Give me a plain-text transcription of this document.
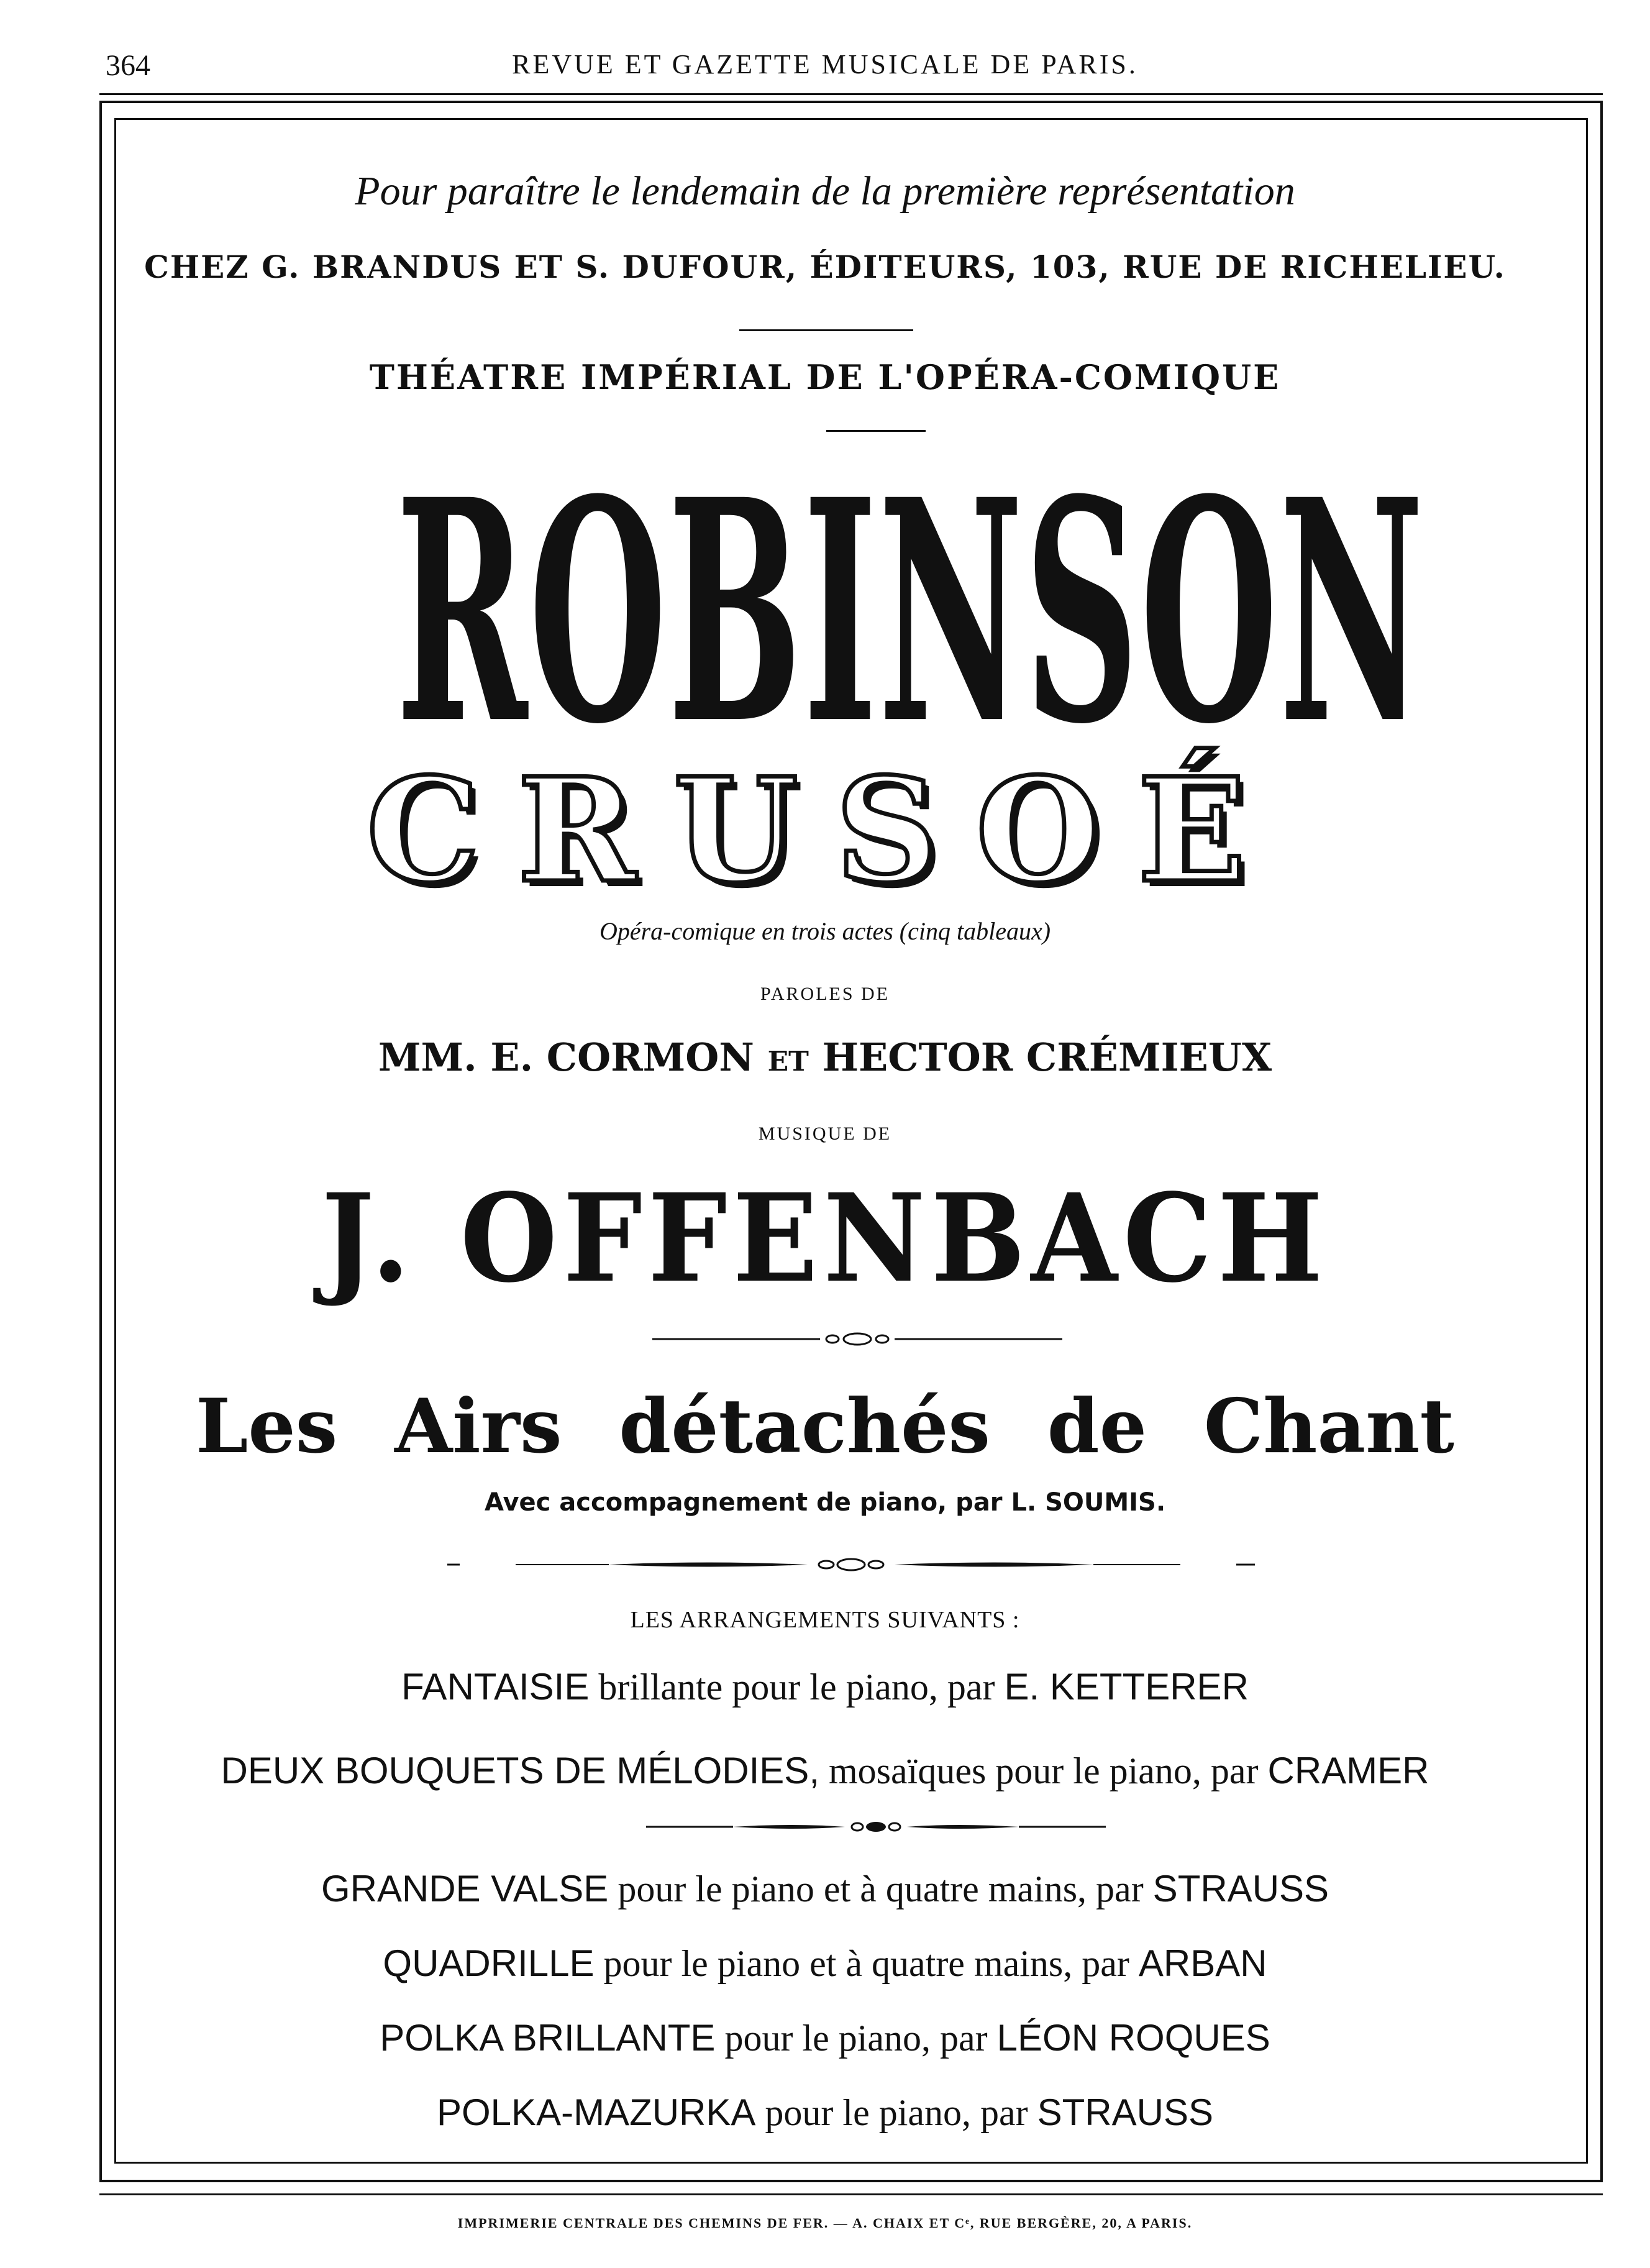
364	REVUE ET GAZETTE MUSICALE DE PARIS.
Pour paraître le lendemain de la première représentation
CHEZ G. BRANDUS ET S. DUFOUR, ÉDITEURS, 103, RUE DE RICHELIEU.
THÉATRE IMPÉRIAL DE L'OPÉRA-COMIQUE
ROBINSON
CRUSOÉ
Opéra-comique en trois actes (cinq tableaux)
PAROLES DE
MM. E. CORMON ET HECTOR CRÉMIEUX
MUSIQUE DE
J. OFFENBACH
Les Airs détachés de Chant
Avec accompagnement de piano, par L. SOUMIS.
LES ARRANGEMENTS SUIVANTS :
FANTAISIE brillante pour le piano, par E. KETTERER
DEUX BOUQUETS DE MÉLODIES, mosaïques pour le piano, par CRAMER
GRANDE VALSE pour le piano et à quatre mains, par STRAUSS
QUADRILLE pour le piano et à quatre mains, par ARBAN
POLKA BRILLANTE pour le piano, par LÉON ROQUES
POLKA-MAZURKA pour le piano, par STRAUSS
IMPRIMERIE CENTRALE DES CHEMINS DE FER. — A. CHAIX ET Cᵉ, RUE BERGÈRE, 20, A PARIS.
